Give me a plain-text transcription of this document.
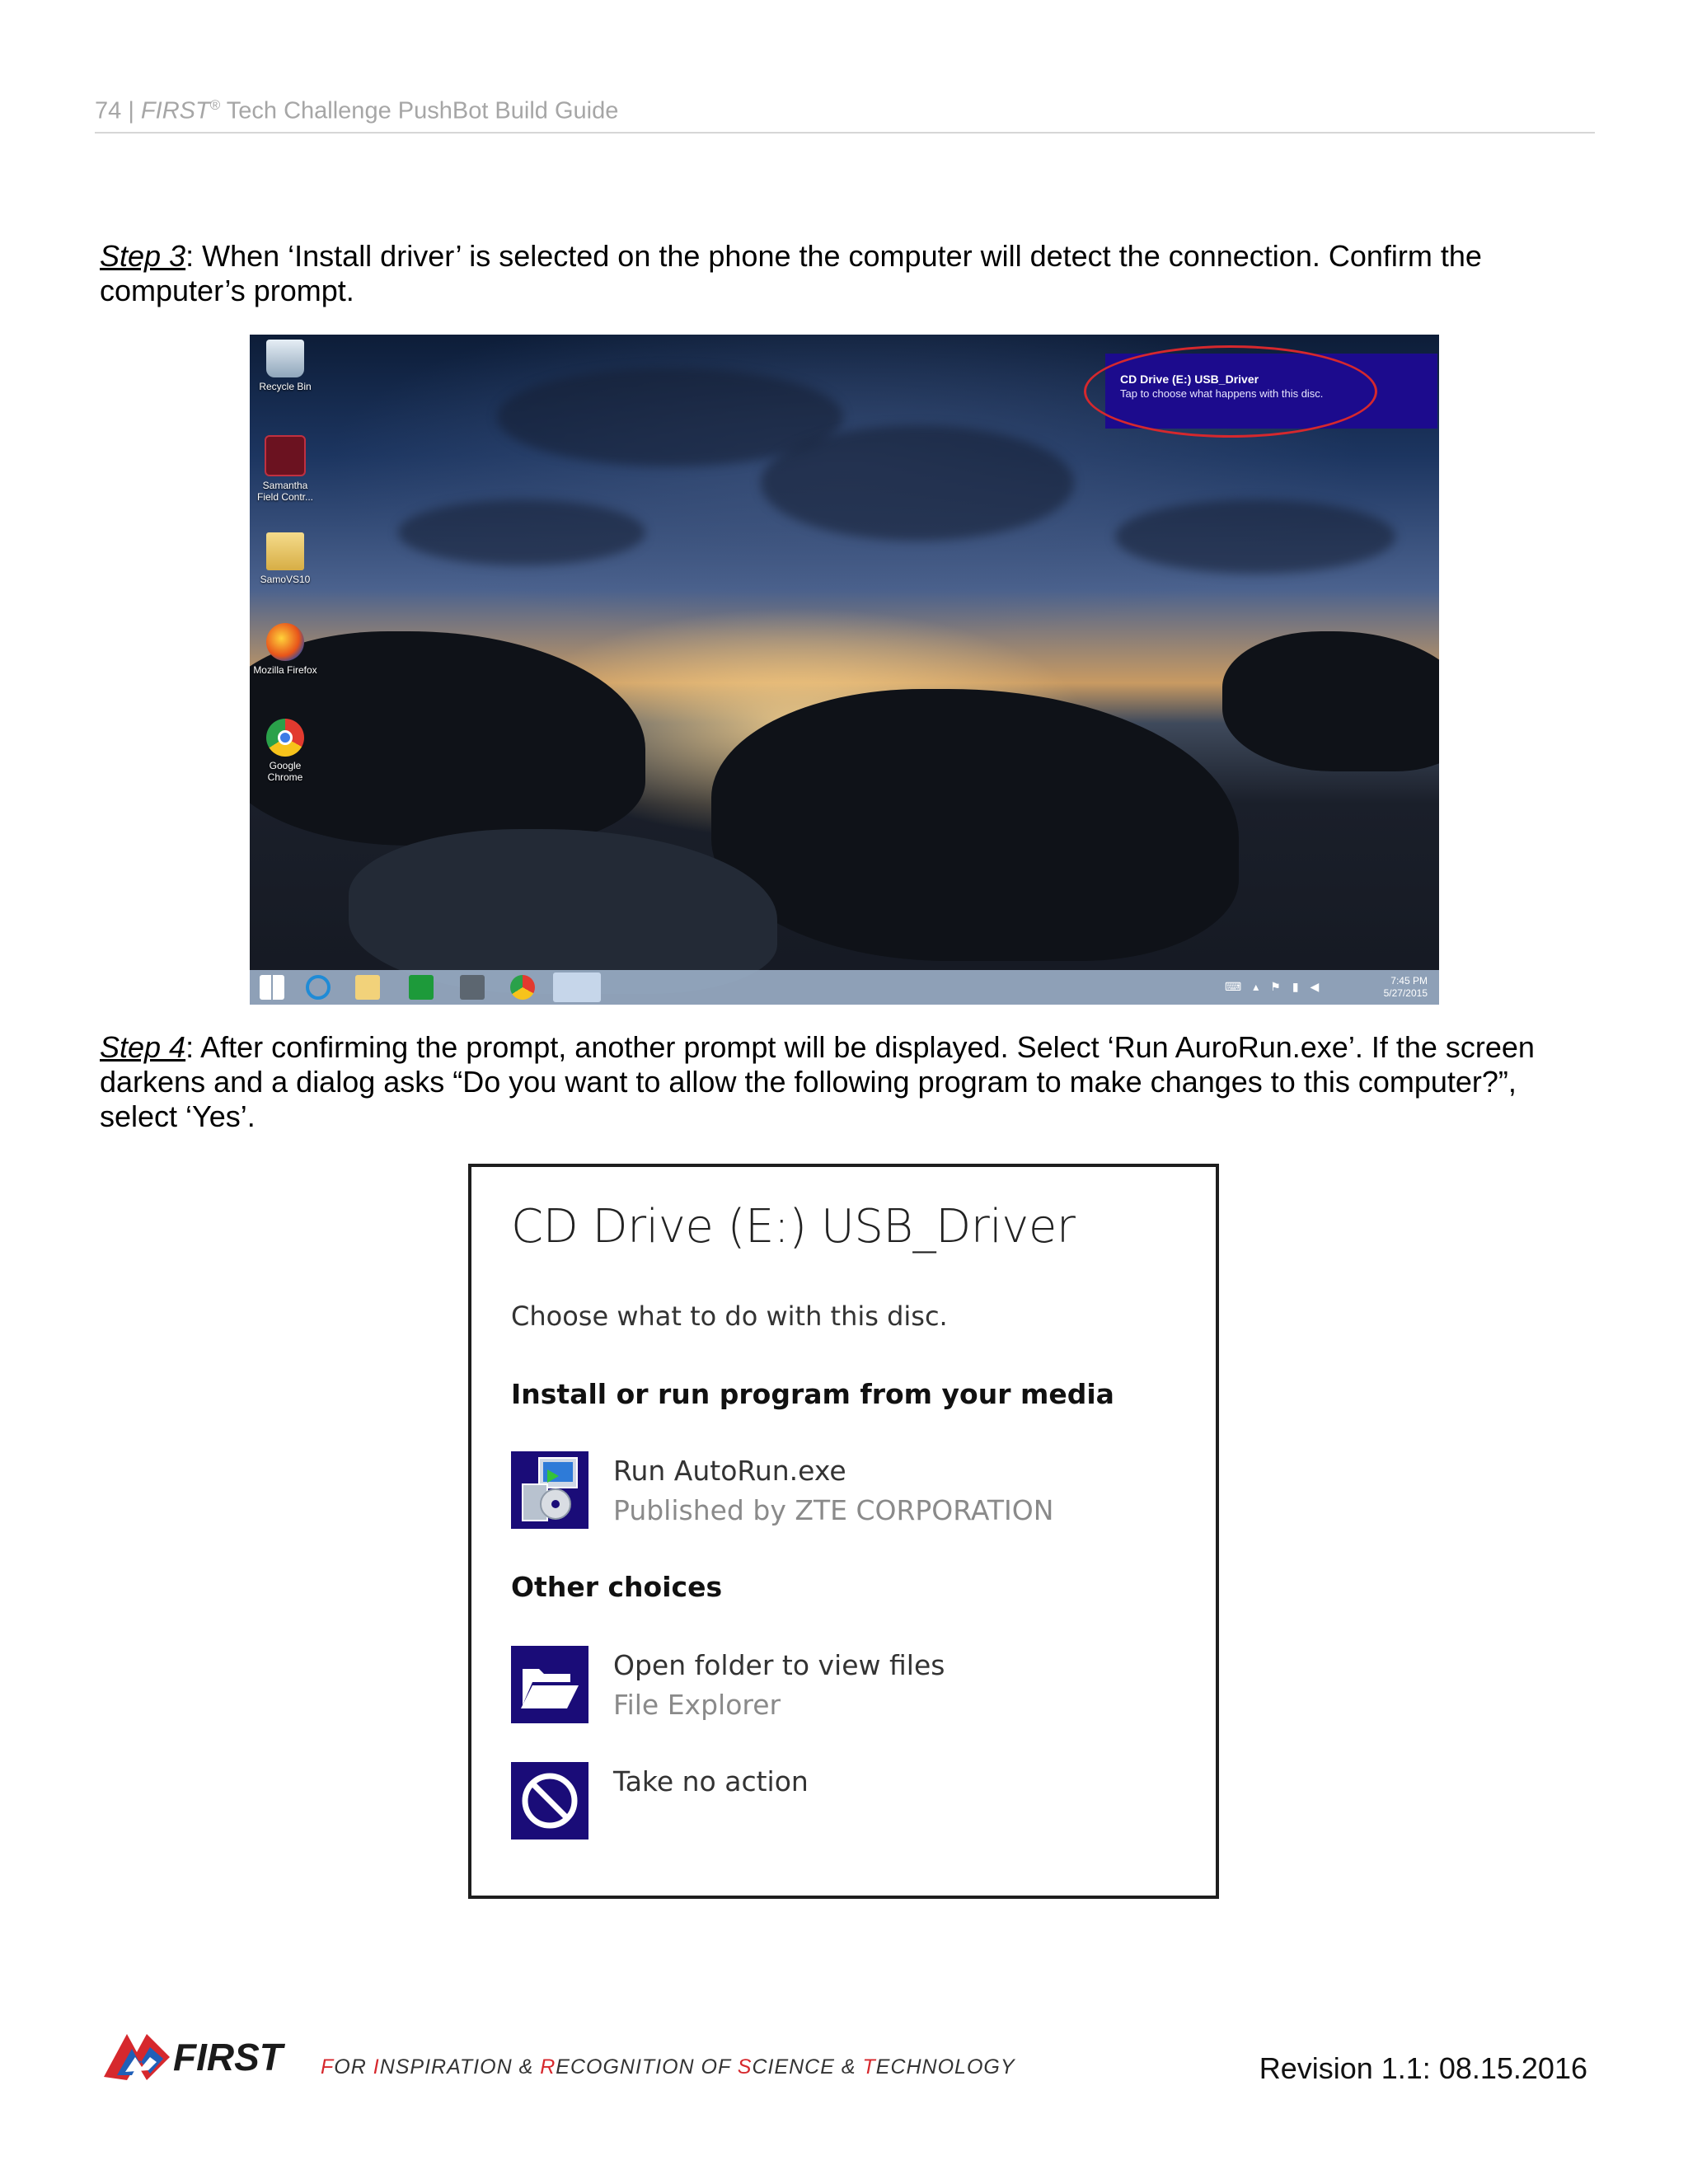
74 | FIRST® Tech Challenge PushBot Build Guide
Step 3: When ‘Install driver’ is selected on the phone the computer will detect the connection. Confirm the computer’s prompt.
Recycle Bin
Samantha Field Contr...
SamoVS10
Mozilla Firefox
Google Chrome
CD Drive (E:) USB_Driver
Tap to choose what happens with this disc.
⌨▴⚑▮◀	7:45 PM
5/27/2015
Step 4: After confirming the prompt, another prompt will be displayed. Select ‘Run AuroRun.exe’. If the screen darkens and a dialog asks “Do you want to allow the following program to make changes to this computer?”, select ‘Yes’.
CD Drive (E:) USB_Driver
Choose what to do with this disc.
Install or run program from your media
Run AutoRun.exe
Published by ZTE CORPORATION
Other choices
Open folder to view files
File Explorer
Take no action
FIRST FOR INSPIRATION & RECOGNITION OF SCIENCE & TECHNOLOGY	Revision 1.1: 08.15.2016
